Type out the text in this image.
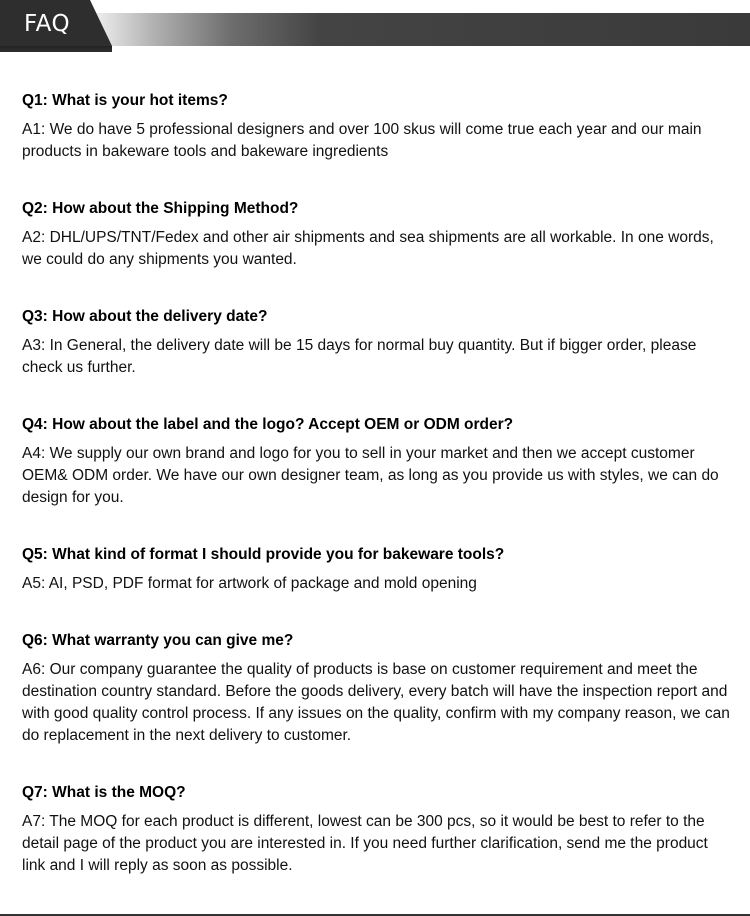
FAQ

Q1: What is your hot items?

A1: We do have 5 professional designers and over 100 skus will come true each year and our main products in bakeware tools and bakeware ingredients

Q2: How about the Shipping Method?

A2: DHL/UPS/TNT/Fedex and other air shipments and sea shipments are all workable. In one words, we could do any shipments you wanted.

Q3: How about the delivery date?

A3: In General, the delivery date will be 15 days for normal buy quantity. But if bigger order, please check us further.

Q4: How about the label and the logo? Accept OEM or ODM order?

A4: We supply our own brand and logo for you to sell in your market and then we accept customer OEM& ODM order. We have our own designer team, as long as you provide us with styles, we can do design for you.

Q5: What kind of format I should provide you for bakeware tools?

A5: AI, PSD, PDF format for artwork of package and mold opening

Q6: What warranty you can give me?

A6: Our company guarantee the quality of products is base on customer requirement and meet the destination country standard. Before the goods delivery, every batch will have the inspection report and with good quality control process. If any issues on the quality, confirm with my company reason, we can do replacement in the next delivery to customer.

Q7: What is the MOQ?

A7: The MOQ for each product is different, lowest can be 300 pcs, so it would be best to refer to the detail page of the product you are interested in. If you need further clarification, send me the product link and I will reply as soon as possible.
